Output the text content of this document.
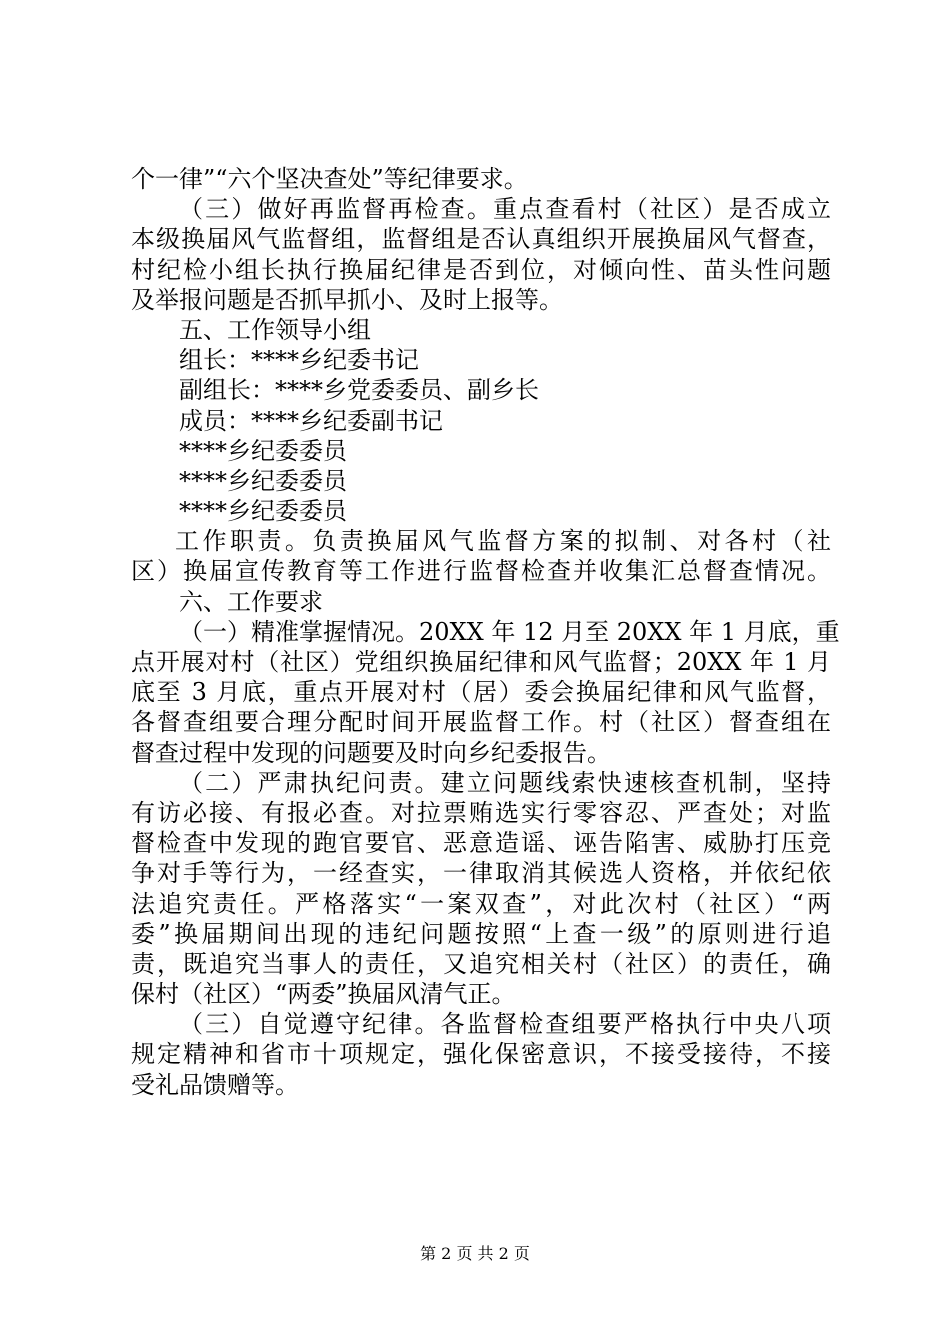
个一律”“六个坚决查处”等纪律要求。
（三）做好再监督再检查。重点查看村（社区）是否成立
本级换届风气监督组，监督组是否认真组织开展换届风气督查，
村纪检小组长执行换届纪律是否到位，对倾向性、苗头性问题
及举报问题是否抓早抓小、及时上报等。
五、工作领导小组
组长：****乡纪委书记
副组长：****乡党委委员、副乡长
成员：****乡纪委副书记
****乡纪委委员
****乡纪委委员
****乡纪委委员
工作职责。负责换届风气监督方案的拟制、对各村（社
区）换届宣传教育等工作进行监督检查并收集汇总督查情况。
六、工作要求
（一）精准掌握情况。20XX 年 12 月至 20XX 年 1 月底，重
点开展对村（社区）党组织换届纪律和风气监督；20XX 年 1 月
底至 3 月底，重点开展对村（居）委会换届纪律和风气监督，
各督查组要合理分配时间开展监督工作。村（社区）督查组在
督查过程中发现的问题要及时向乡纪委报告。
（二）严肃执纪问责。建立问题线索快速核查机制，坚持
有访必接、有报必查。对拉票贿选实行零容忍、严查处；对监
督检查中发现的跑官要官、恶意造谣、诬告陷害、威胁打压竞
争对手等行为，一经查实，一律取消其候选人资格，并依纪依
法追究责任。严格落实“一案双查”，对此次村（社区）“两
委”换届期间出现的违纪问题按照“上查一级”的原则进行追
责，既追究当事人的责任，又追究相关村（社区）的责任，确
保村（社区）“两委”换届风清气正。
（三）自觉遵守纪律。各监督检查组要严格执行中央八项
规定精神和省市十项规定，强化保密意识，不接受接待，不接
受礼品馈赠等。
第 2 页 共 2 页
